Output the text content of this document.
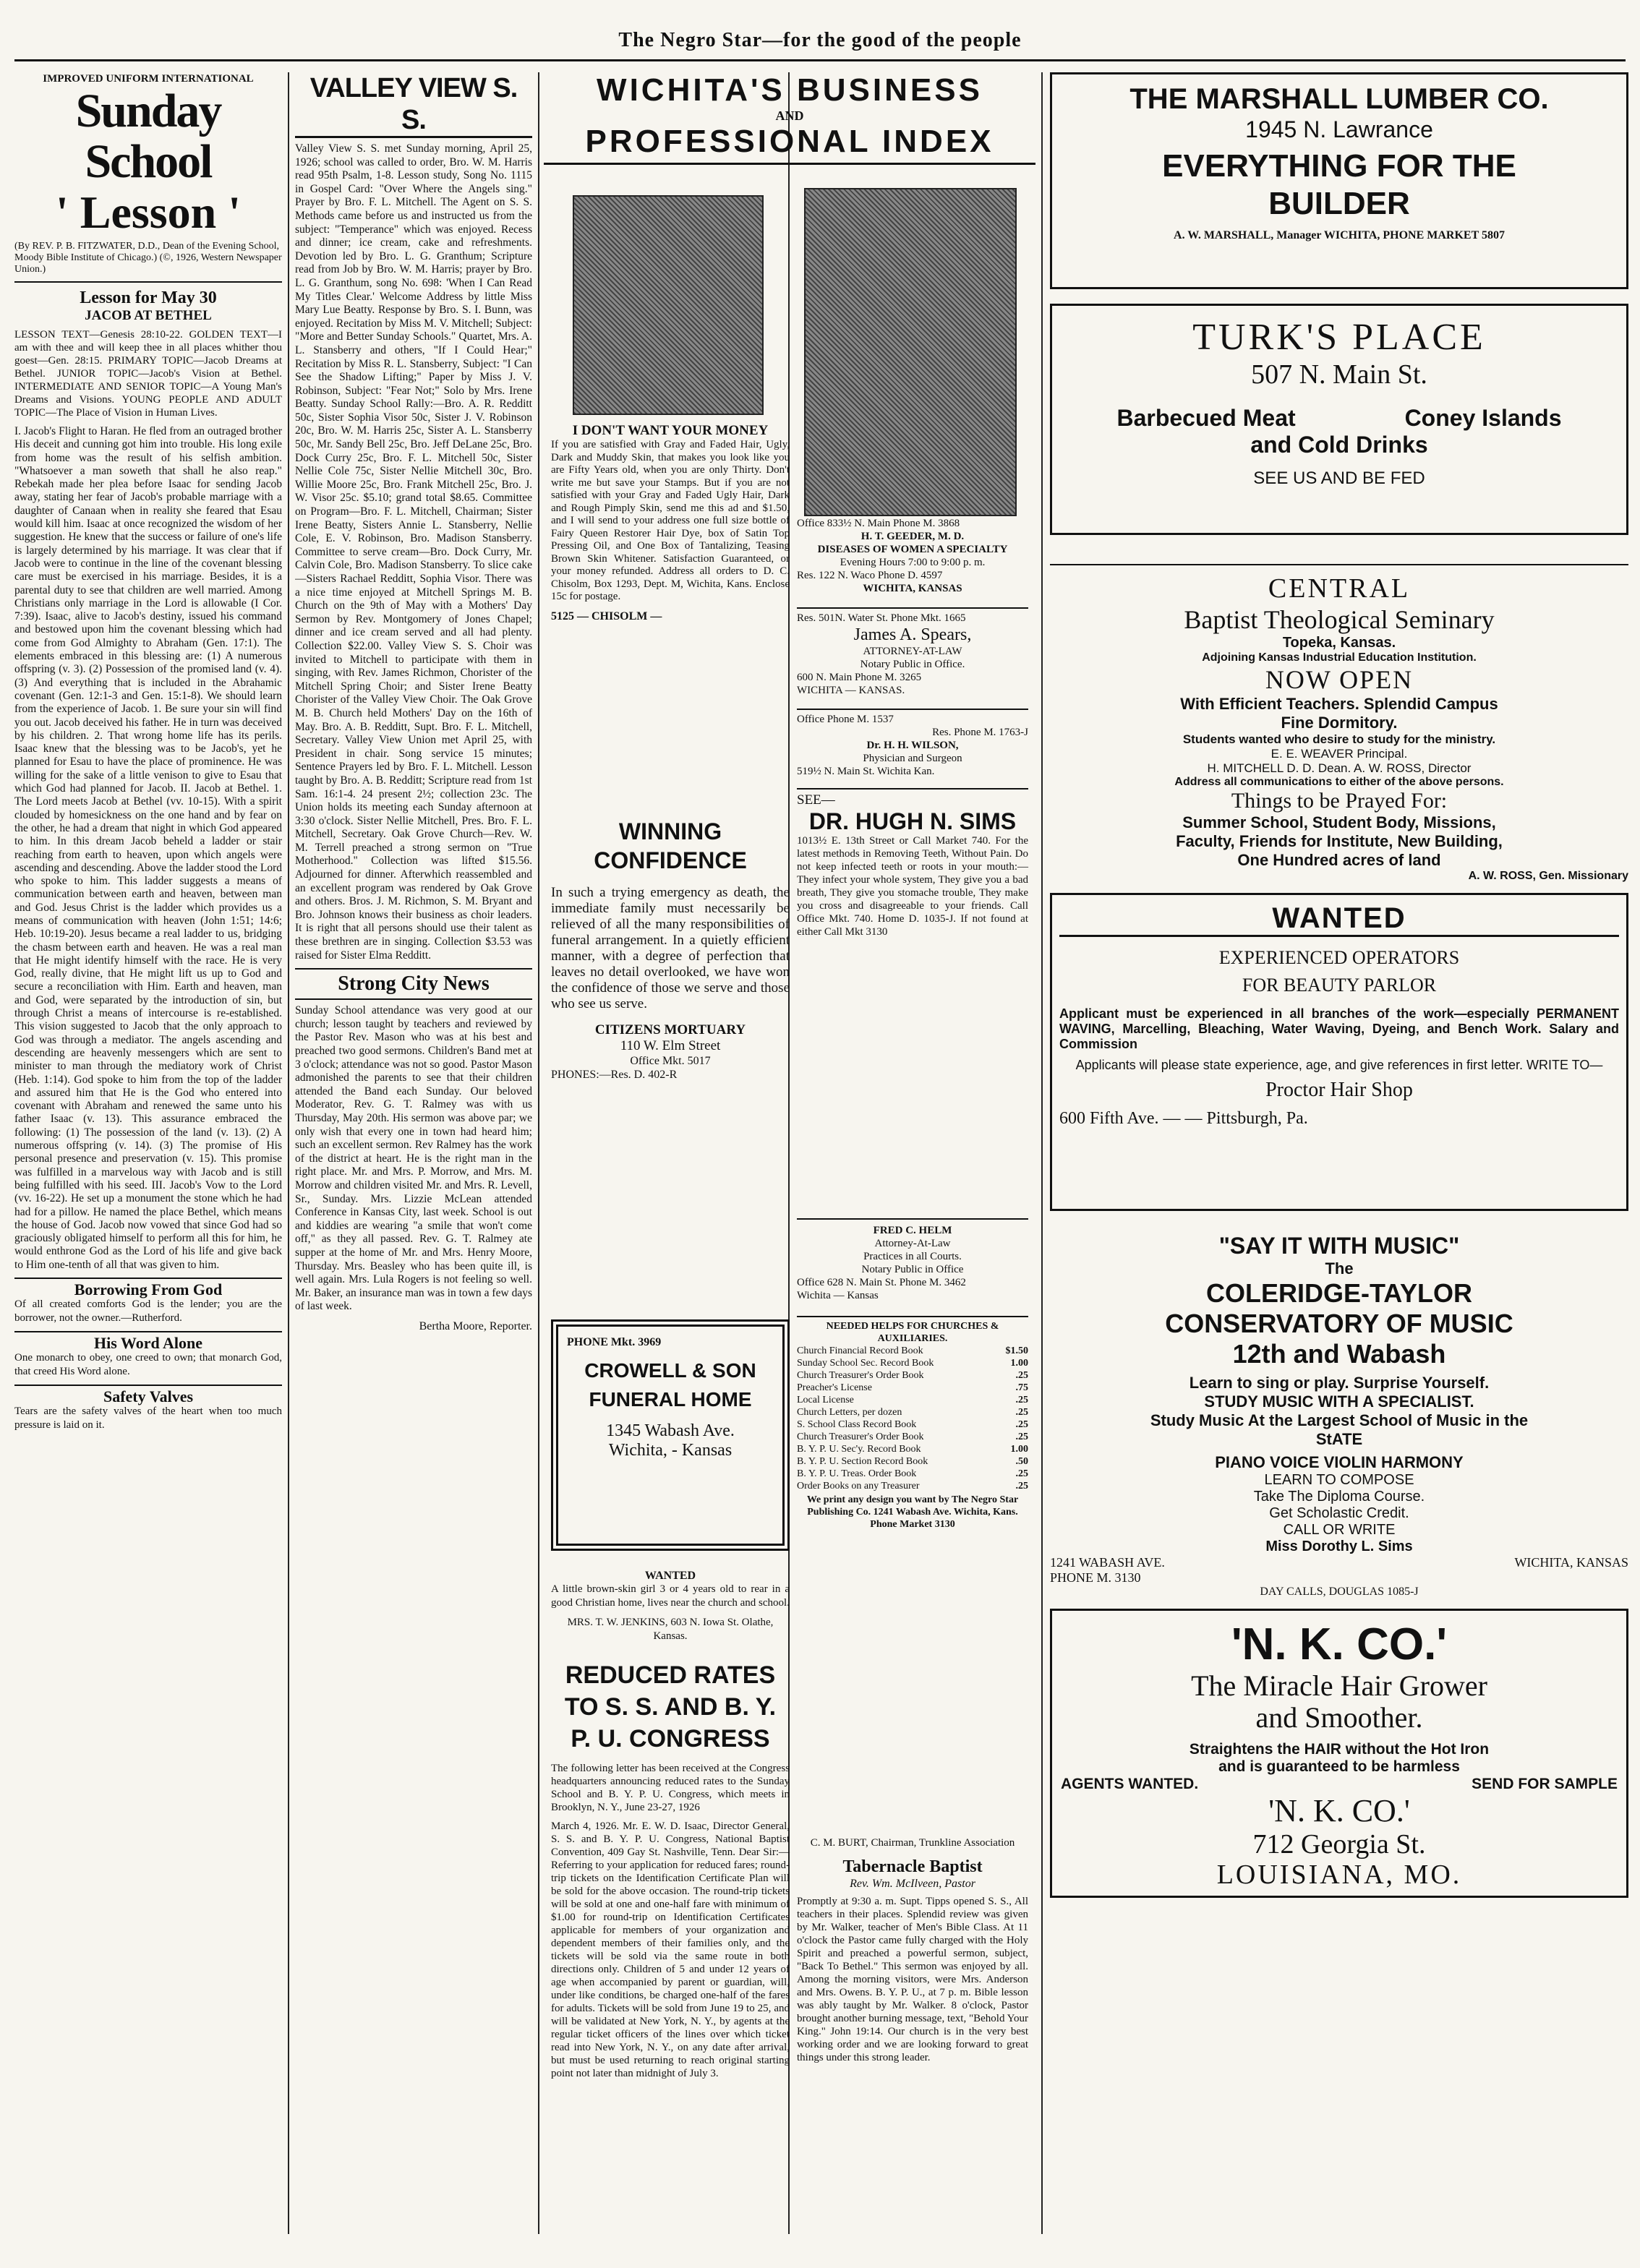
The Negro Star—for the good of the people
IMPROVED UNIFORM INTERNATIONAL
Sunday School
' Lesson '
(By REV. P. B. FITZWATER, D.D., Dean of the Evening School, Moody Bible Institute of Chicago.) (©, 1926, Western Newspaper Union.)
Lesson for May 30
JACOB AT BETHEL

LESSON TEXT—Genesis 28:10-22. GOLDEN TEXT—I am with thee and will keep thee in all places whither thou goest—Gen. 28:15. PRIMARY TOPIC—Jacob Dreams at Bethel. JUNIOR TOPIC—Jacob's Vision at Bethel. INTERMEDIATE AND SENIOR TOPIC—A Young Man's Dreams and Visions. YOUNG PEOPLE AND ADULT TOPIC—The Place of Vision in Human Lives.

I. Jacob's Flight to Haran. He fled from an outraged brother His deceit and cunning got him into trouble. His long exile from home was the result of his selfish ambition. "Whatsoever a man soweth that shall he also reap." Rebekah made her plea before Isaac for sending Jacob away, stating her fear of Jacob's probable marriage with a daughter of Canaan when in reality she feared that Esau would kill him. Isaac at once recognized the wisdom of her suggestion. He knew that the success or failure of one's life is largely determined by his marriage. It was clear that if Jacob were to continue in the line of the covenant blessing care must be exercised in his marriage. Besides, it is a parental duty to see that children are well married. Among Christians only marriage in the Lord is allowable (I Cor. 7:39). Isaac, alive to Jacob's destiny, issued his command and bestowed upon him the covenant blessing which had come from God Almighty to Abraham (Gen. 17:1). The elements embraced in this blessing are: (1) A numerous offspring (v. 3). (2) Possession of the promised land (v. 4). (3) And everything that is included in the Abrahamic covenant (Gen. 12:1-3 and Gen. 15:1-8). We should learn from the experience of Jacob. 1. Be sure your sin will find you out. Jacob deceived his father. He in turn was deceived by his children. 2. That wrong home life has its perils. Isaac knew that the blessing was to be Jacob's, yet he planned for Esau to have the place of prominence. He was willing for the sake of a little venison to give to Esau that which God had planned for Jacob. II. Jacob at Bethel. 1. The Lord meets Jacob at Bethel (vv. 10-15). With a spirit clouded by homesickness on the one hand and by fear on the other, he had a dream that night in which God appeared to him. In this dream Jacob beheld a ladder or stair reaching from earth to heaven, upon which angels were ascending and descending. Above the ladder stood the Lord who spoke to him. This ladder suggests a means of communication between earth and heaven, between man and God. Jesus Christ is the ladder which provides us a means of communication with heaven (John 1:51; 14:6; Heb. 10:19-20). Jesus became a real ladder to us, bridging the chasm between earth and heaven. He was a real man that He might identify himself with the race. He is very God, really divine, that He might lift us up to God and secure a reconciliation with Him. Earth and heaven, man and God, were separated by the introduction of sin, but through Christ a means of intercourse is re-established. This vision suggested to Jacob that the only approach to God was through a mediator. The angels ascending and descending are heavenly messengers which are sent to minister to man through the mediatory work of Christ (Heb. 1:14). God spoke to him from the top of the ladder and assured him that He is the God who entered into covenant with Abraham and renewed the same unto his father Isaac (v. 13). This assurance embraced the following: (1) The possession of the land (v. 13). (2) A numerous offspring (v. 14). (3) The promise of His personal presence and preservation (v. 15). This promise was fulfilled in a marvelous way with Jacob and is still being fulfilled with his seed. III. Jacob's Vow to the Lord (vv. 16-22). He set up a monument the stone which he had had for a pillow. He named the place Bethel, which means the house of God. Jacob now vowed that since God had so graciously obligated himself to perform all this for him, he would enthrone God as the Lord of his life and give back to Him one-tenth of all that was given to him.

Borrowing From God

Of all created comforts God is the lender; you are the borrower, not the owner.—Rutherford.

His Word Alone

One monarch to obey, one creed to own; that monarch God, that creed His Word alone.

Safety Valves

Tears are the safety valves of the heart when too much pressure is laid on it.

VALLEY VIEW S. S.

Valley View S. S. met Sunday morning, April 25, 1926; school was called to order, Bro. W. M. Harris read 95th Psalm, 1-8. Lesson study, Song No. 1115 in Gospel Card: "Over Where the Angels sing." Prayer by Bro. F. L. Mitchell. The Agent on S. S. Methods came before us and instructed us from the subject: "Temperance" which was enjoyed. Recess and dinner; ice cream, cake and refreshments. Devotion led by Bro. L. G. Granthum; Scripture read from Job by Bro. W. M. Harris; prayer by Bro. L. G. Granthum, song No. 698: 'When I Can Read My Titles Clear.' Welcome Address by little Miss Mary Lue Beatty. Response by Bro. S. I. Bunn, was enjoyed. Recitation by Miss M. V. Mitchell; Subject: "More and Better Sunday Schools." Quartet, Mrs. A. L. Stansberry and others, "If I Could Hear;" Recitation by Miss R. L. Stansberry, Subject: "I Can See the Shadow Lifting;" Paper by Miss J. V. Robinson, Subject: "Fear Not;" Solo by Mrs. Irene Beatty. Sunday School Rally:—Bro. A. R. Redditt 50c, Sister Sophia Visor 50c, Sister J. V. Robinson 20c, Bro. W. M. Harris 25c, Sister A. L. Stansberry 50c, Mr. Sandy Bell 25c, Bro. Jeff DeLane 25c, Bro. Dock Curry 25c, Bro. F. L. Mitchell 50c, Sister Nellie Cole 75c, Sister Nellie Mitchell 30c, Bro. Willie Moore 25c, Bro. Frank Mitchell 25c, Bro. J. W. Visor 25c. $5.10; grand total $8.65. Committee on Program—Bro. F. L. Mitchell, Chairman; Sister Irene Beatty, Sisters Annie L. Stansberry, Nellie Cole, E. V. Robinson, Bro. Madison Stansberry. Committee to serve cream—Bro. Dock Curry, Mr. Calvin Cole, Bro. Madison Stansberry. To slice cake—Sisters Rachael Redditt, Sophia Visor. There was a nice time enjoyed at Mitchell Springs M. B. Church on the 9th of May with a Mothers' Day Sermon by Rev. Montgomery of Jones Chapel; dinner and ice cream served and all had plenty. Collection $22.00. Valley View S. S. Choir was invited to Mitchell to participate with them in singing, with Rev. James Richmon, Chorister of the Mitchell Spring Choir; and Sister Irene Beatty Chorister of the Valley View Choir. The Oak Grove M. B. Church held Mothers' Day on the 16th of May. Bro. A. B. Redditt, Supt. Bro. F. L. Mitchell, Secretary. Valley View Union met April 25, with President in chair. Song service 15 minutes; Sentence Prayers led by Bro. F. L. Mitchell. Lesson taught by Bro. A. B. Redditt; Scripture read from 1st Sam. 16:1-4. 24 present 2½; collection 23c. The Union holds its meeting each Sunday afternoon at 3:30 o'clock. Sister Nellie Mitchell, Pres. Bro. F. L. Mitchell, Secretary. Oak Grove Church—Rev. W. M. Terrell preached a strong sermon on "True Motherhood." Collection was lifted $15.56. Adjourned for dinner. Afterwhich reassembled and an excellent program was rendered by Oak Grove and others. Bros. J. M. Richmon, S. M. Bryant and Bro. Johnson knows their business as choir leaders. It is right that all persons should use their talent as these brethren are in singing. Collection $3.53 was raised for Sister Elma Redditt.

Strong City News

Sunday School attendance was very good at our church; lesson taught by teachers and reviewed by the Pastor Rev. Mason who was at his best and preached two good sermons. Children's Band met at 3 o'clock; attendance was not so good. Pastor Mason admonished the parents to see that their children attended the Band each Sunday. Our beloved Moderator, Rev. G. T. Ralmey was with us Thursday, May 20th. His sermon was above par; we only wish that every one in town had heard him; such an excellent sermon. Rev Ralmey has the work of the district at heart. He is the right man in the right place. Mr. and Mrs. P. Morrow, and Mrs. M. Morrow and children visited Mr. and Mrs. R. Levell, Sr., Sunday. Mrs. Lizzie McLean attended Conference in Kansas City, last week. School is out and kiddies are wearing "a smile that won't come off," as they all passed. Rev. G. T. Ralmey ate supper at the home of Mr. and Mrs. Henry Moore, Thursday. Mrs. Beasley who has been quite ill, is well again. Mrs. Lula Rogers is not feeling so well. Mr. Baker, an insurance man was in town a few days of last week.

Bertha Moore, Reporter.
WICHITA'S BUSINESS
AND
PROFESSIONAL INDEX
I DON'T WANT YOUR MONEY

If you are satisfied with Gray and Faded Hair, Ugly, Dark and Muddy Skin, that makes you look like you are Fifty Years old, when you are only Thirty. Don't write me but save your Stamps. But if you are not satisfied with your Gray and Faded Ugly Hair, Dark and Rough Pimply Skin, send me this ad and $1.50, and I will send to your address one full size bottle of Fairy Queen Restorer Hair Dye, box of Satin Top Pressing Oil, and One Box of Tantalizing, Teasing Brown Skin Whitener. Satisfaction Guaranteed, or your money refunded. Address all orders to D. C. Chisolm, Box 1293, Dept. M, Wichita, Kans. Enclose 15c for postage.

5125 — CHISOLM —
Office 833½ N. Main Phone M. 3868
H. T. GEEDER, M. D.
DISEASES OF WOMEN A SPECIALTY
Evening Hours 7:00 to 9:00 p. m.
Res. 122 N. Waco Phone D. 4597
WICHITA, KANSAS
Res. 501N. Water St. Phone Mkt. 1665
James A. Spears,
ATTORNEY-AT-LAW
Notary Public in Office.
600 N. Main Phone M. 3265
WICHITA — KANSAS.
Office Phone M. 1537
Res. Phone M. 1763-J
Dr. H. H. WILSON,
Physician and Surgeon
519½ N. Main St. Wichita Kan.
SEE—
DR. HUGH N. SIMS

1013½ E. 13th Street or Call Market 740. For the latest methods in Removing Teeth, Without Pain. Do not keep infected teeth or roots in your mouth:— They infect your whole system, They give you a bad breath, They give you stomache trouble, They make you cross and disagreeable to your friends. Call Office Mkt. 740. Home D. 1035-J. If not found at either Call Mkt 3130

WINNING
CONFIDENCE

In such a trying emergency as death, the immediate family must necessarily be relieved of all the many responsibilities of funeral arrangement. In a quietly efficient manner, with a degree of perfection that leaves no detail overlooked, we have won the confidence of those we serve and those who see us serve.

CITIZENS MORTUARY
110 W. Elm Street
Office Mkt. 5017
PHONES:—Res. D. 402-R
FRED C. HELM
Attorney-At-Law
Practices in all Courts.
Notary Public in Office
Office 628 N. Main St. Phone M. 3462
Wichita — Kansas
PHONE Mkt. 3969
CROWELL & SON
FUNERAL HOME
1345 Wabash Ave.
Wichita, - Kansas
NEEDED HELPS FOR CHURCHES & AUXILIARIES.
Church Financial Record Book	$1.50
Sunday School Sec. Record Book	1.00
Church Treasurer's Order Book	.25
Preacher's License	.75
Local License	.25
Church Letters, per dozen	.25
S. School Class Record Book	.25
Church Treasurer's Order Book	.25
B. Y. P. U. Sec'y. Record Book	1.00
B. Y. P. U. Section Record Book	.50
B. Y. P. U. Treas. Order Book	.25
Order Books on any Treasurer	.25
We print any design you want by The Negro Star Publishing Co. 1241 Wabash Ave. Wichita, Kans. Phone Market 3130
WANTED

A little brown-skin girl 3 or 4 years old to rear in a good Christian home, lives near the church and school.

MRS. T. W. JENKINS, 603 N. Iowa St. Olathe, Kansas.
REDUCED RATES
TO S. S. AND B. Y.
P. U. CONGRESS

The following letter has been received at the Congress headquarters announcing reduced rates to the Sunday School and B. Y. P. U. Congress, which meets in Brooklyn, N. Y., June 23-27, 1926

March 4, 1926. Mr. E. W. D. Isaac, Director General, S. S. and B. Y. P. U. Congress, National Baptist Convention, 409 Gay St. Nashville, Tenn. Dear Sir:—Referring to your application for reduced fares; round-trip tickets on the Identification Certificate Plan will be sold for the above occasion. The round-trip tickets will be sold at one and one-half fare with minimum of $1.00 for round-trip on Identification Certificates applicable for members of your organization and dependent members of their families only, and the tickets will be sold via the same route in both directions only. Children of 5 and under 12 years of age when accompanied by parent or guardian, will, under like conditions, be charged one-half of the fares for adults. Tickets will be sold from June 19 to 25, and will be validated at New York, N. Y., by agents at the regular ticket officers of the lines over which ticket read into New York, N. Y., on any date after arrival, but must be used returning to reach original starting point not later than midnight of July 3.

C. M. BURT, Chairman, Trunkline Association
Tabernacle Baptist
Rev. Wm. McIlveen, Pastor

Promptly at 9:30 a. m. Supt. Tipps opened S. S., All teachers in their places. Splendid review was given by Mr. Walker, teacher of Men's Bible Class. At 11 o'clock the Pastor came fully charged with the Holy Spirit and preached a powerful sermon, subject, "Back To Bethel." This sermon was enjoyed by all. Among the morning visitors, were Mrs. Anderson and Mrs. Owens. B. Y. P. U., at 7 p. m. Bible lesson was ably taught by Mr. Walker. 8 o'clock, Pastor brought another burning message, text, "Behold Your King." John 19:14. Our church is in the very best working order and we are looking forward to great things under this strong leader.

THE MARSHALL LUMBER CO.
1945 N. Lawrance
EVERYTHING FOR THE
BUILDER
A. W. MARSHALL, Manager WICHITA, PHONE MARKET 5807
TURK'S PLACE
507 N. Main St.
Barbecued Meat	Coney Islands
and Cold Drinks
SEE US AND BE FED
CENTRAL
Baptist Theological Seminary
Topeka, Kansas.
Adjoining Kansas Industrial Education Institution.
NOW OPEN
With Efficient Teachers. Splendid Campus
Fine Dormitory.
Students wanted who desire to study for the ministry.
E. E. WEAVER Principal.
H. MITCHELL D. D. Dean. A. W. ROSS, Director
Address all communications to either of the above persons.
Things to be Prayed For:
Summer School, Student Body, Missions,
Faculty, Friends for Institute, New Building,
One Hundred acres of land
A. W. ROSS, Gen. Missionary
WANTED
EXPERIENCED OPERATORS
FOR BEAUTY PARLOR

Applicant must be experienced in all branches of the work—especially PERMANENT WAVING, Marcelling, Bleaching, Water Waving, Dyeing, and Bench Work. Salary and Commission

Applicants will please state experience, age, and give references in first letter. WRITE TO—

Proctor Hair Shop
600 Fifth Ave. — — Pittsburgh, Pa.
"SAY IT WITH MUSIC"
The
COLERIDGE-TAYLOR
CONSERVATORY OF MUSIC
12th and Wabash
Learn to sing or play. Surprise Yourself.
STUDY MUSIC WITH A SPECIALIST.
Study Music At the Largest School of Music in the
StATE
PIANO VOICE VIOLIN HARMONY
LEARN TO COMPOSE
Take The Diploma Course.
Get Scholastic Credit.
CALL OR WRITE
Miss Dorothy L. Sims
1241 WABASH AVE.	WICHITA, KANSAS
PHONE M. 3130
DAY CALLS, DOUGLAS 1085-J
'N. K. CO.'
The Miracle Hair Grower
and Smoother.
Straightens the HAIR without the Hot Iron
and is guaranteed to be harmless
AGENTS WANTED.	SEND FOR SAMPLE
'N. K. CO.'
712 Georgia St.
LOUISIANA, MO.
